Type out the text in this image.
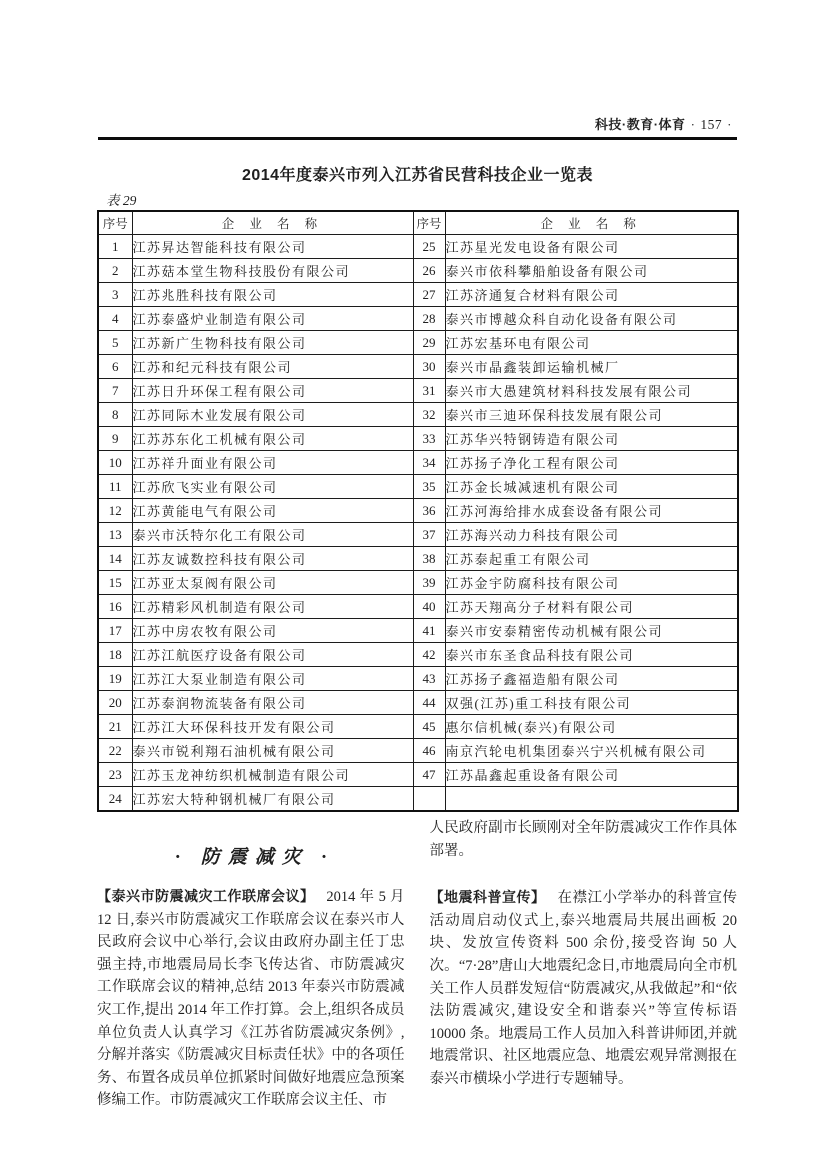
科技·教育·体育 · 157 ·
2014年度泰兴市列入江苏省民营科技企业一览表
表 29
序号	企 业 名 称	序号	企 业 名 称
1	江苏昇达智能科技有限公司	25	江苏星光发电设备有限公司
2	江苏菇本堂生物科技股份有限公司	26	泰兴市依科攀船舶设备有限公司
3	江苏兆胜科技有限公司	27	江苏济通复合材料有限公司
4	江苏泰盛炉业制造有限公司	28	泰兴市博越众科自动化设备有限公司
5	江苏新广生物科技有限公司	29	江苏宏基环电有限公司
6	江苏和纪元科技有限公司	30	泰兴市晶鑫装卸运输机械厂
7	江苏日升环保工程有限公司	31	泰兴市大愚建筑材料科技发展有限公司
8	江苏同际木业发展有限公司	32	泰兴市三迪环保科技发展有限公司
9	江苏苏东化工机械有限公司	33	江苏华兴特钢铸造有限公司
10	江苏祥升面业有限公司	34	江苏扬子净化工程有限公司
11	江苏欣飞实业有限公司	35	江苏金长城减速机有限公司
12	江苏黄能电气有限公司	36	江苏河海给排水成套设备有限公司
13	泰兴市沃特尔化工有限公司	37	江苏海兴动力科技有限公司
14	江苏友诚数控科技有限公司	38	江苏泰起重工有限公司
15	江苏亚太泵阀有限公司	39	江苏金宇防腐科技有限公司
16	江苏精彩风机制造有限公司	40	江苏天翔高分子材料有限公司
17	江苏中房农牧有限公司	41	泰兴市安泰精密传动机械有限公司
18	江苏江航医疗设备有限公司	42	泰兴市东圣食品科技有限公司
19	江苏江大泵业制造有限公司	43	江苏扬子鑫福造船有限公司
20	江苏泰润物流装备有限公司	44	双强(江苏)重工科技有限公司
21	江苏江大环保科技开发有限公司	45	惠尔信机械(泰兴)有限公司
22	泰兴市锐利翔石油机械有限公司	46	南京汽轮电机集团泰兴宁兴机械有限公司
23	江苏玉龙神纺织机械制造有限公司	47	江苏晶鑫起重设备有限公司
24	江苏宏大特种钢机械厂有限公司		
· 防震减灾 ·

【泰兴市防震减灾工作联席会议】 2014 年 5 月 12 日,泰兴市防震减灾工作联席会议在泰兴市人民政府会议中心举行,会议由政府办副主任丁忠强主持,市地震局局长李飞传达省、市防震减灾工作联席会议的精神,总结 2013 年泰兴市防震减灾工作,提出 2014 年工作打算。会上,组织各成员单位负责人认真学习《江苏省防震减灾条例》,分解并落实《防震减灾目标责任状》中的各项任务、布置各成员单位抓紧时间做好地震应急预案修编工作。市防震减灾工作联席会议主任、市

人民政府副市长顾刚对全年防震减灾工作作具体部署。

【地震科普宣传】 在襟江小学举办的科普宣传活动周启动仪式上,泰兴地震局共展出画板 20 块、发放宣传资料 500 余份,接受咨询 50 人次。“7·28”唐山大地震纪念日,市地震局向全市机关工作人员群发短信“防震减灾,从我做起”和“依法防震减灾,建设安全和谐泰兴”等宣传标语 10000 条。地震局工作人员加入科普讲师团,并就地震常识、社区地震应急、地震宏观异常测报在泰兴市横垛小学进行专题辅导。
